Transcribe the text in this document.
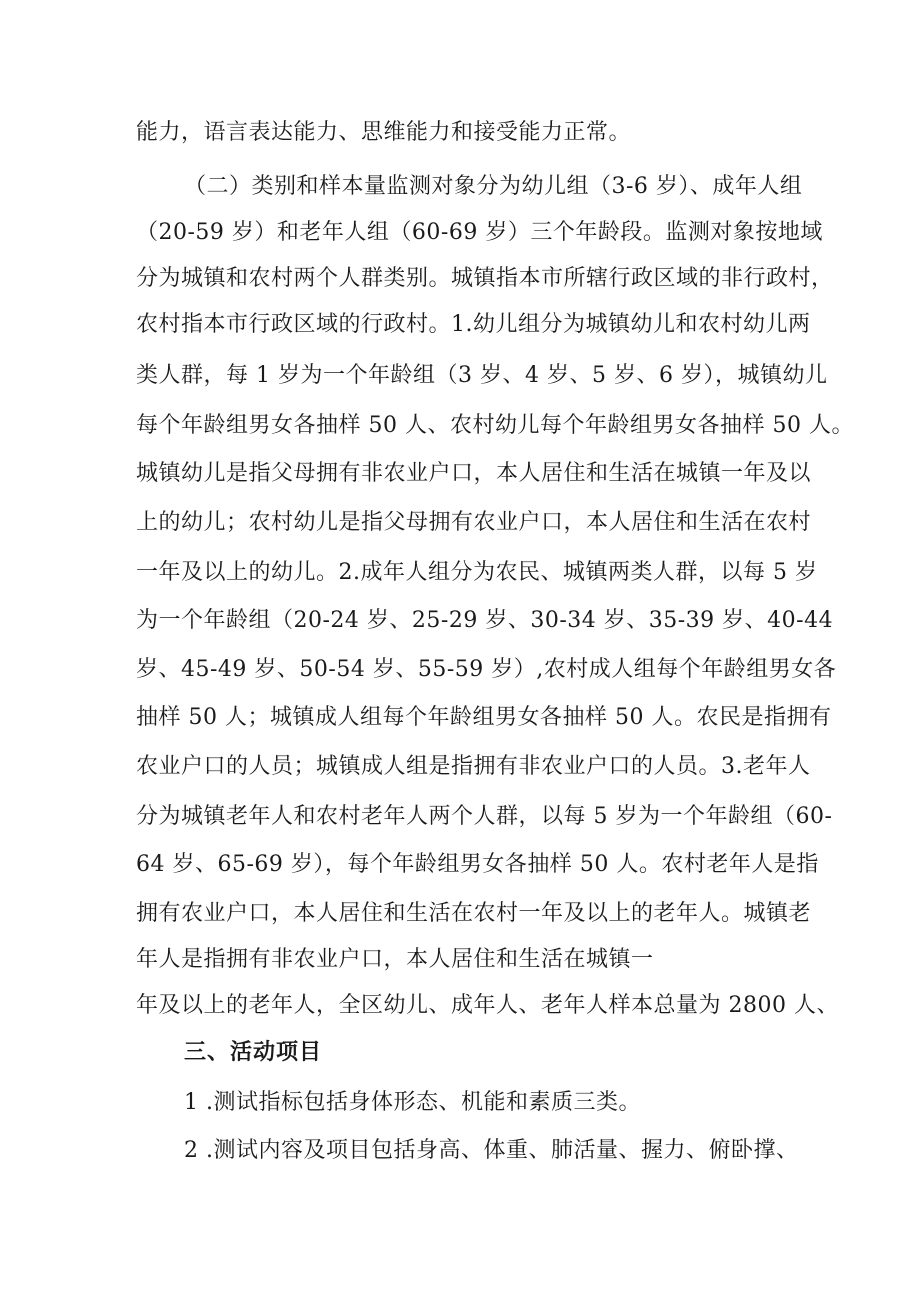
能力，语言表达能力、思维能力和接受能力正常。
（二）类别和样本量监测对象分为幼儿组（3-6 岁）、成年人组
（20-59 岁）和老年人组（60-69 岁）三个年龄段。监测对象按地域
分为城镇和农村两个人群类别。城镇指本市所辖行政区域的非行政村，
农村指本市行政区域的行政村。1.幼儿组分为城镇幼儿和农村幼儿两
类人群，每 1 岁为一个年龄组（3 岁、4 岁、5 岁、6 岁），城镇幼儿
每个年龄组男女各抽样 50 人、农村幼儿每个年龄组男女各抽样 50 人。
城镇幼儿是指父母拥有非农业户口，本人居住和生活在城镇一年及以
上的幼儿；农村幼儿是指父母拥有农业户口，本人居住和生活在农村
一年及以上的幼儿。2.成年人组分为农民、城镇两类人群，以每 5 岁
为一个年龄组（20-24 岁、25-29 岁、30-34 岁、35-39 岁、40-44
岁、45-49 岁、50-54 岁、55-59 岁）,农村成人组每个年龄组男女各
抽样 50 人；城镇成人组每个年龄组男女各抽样 50 人。农民是指拥有
农业户口的人员；城镇成人组是指拥有非农业户口的人员。3.老年人
分为城镇老年人和农村老年人两个人群，以每 5 岁为一个年龄组（60-
64 岁、65-69 岁），每个年龄组男女各抽样 50 人。农村老年人是指
拥有农业户口，本人居住和生活在农村一年及以上的老年人。城镇老
年人是指拥有非农业户口，本人居住和生活在城镇一
年及以上的老年人，全区幼儿、成年人、老年人样本总量为 2800 人、
三、活动项目
1 .测试指标包括身体形态、机能和素质三类。
2 .测试内容及项目包括身高、体重、肺活量、握力、俯卧撑、
